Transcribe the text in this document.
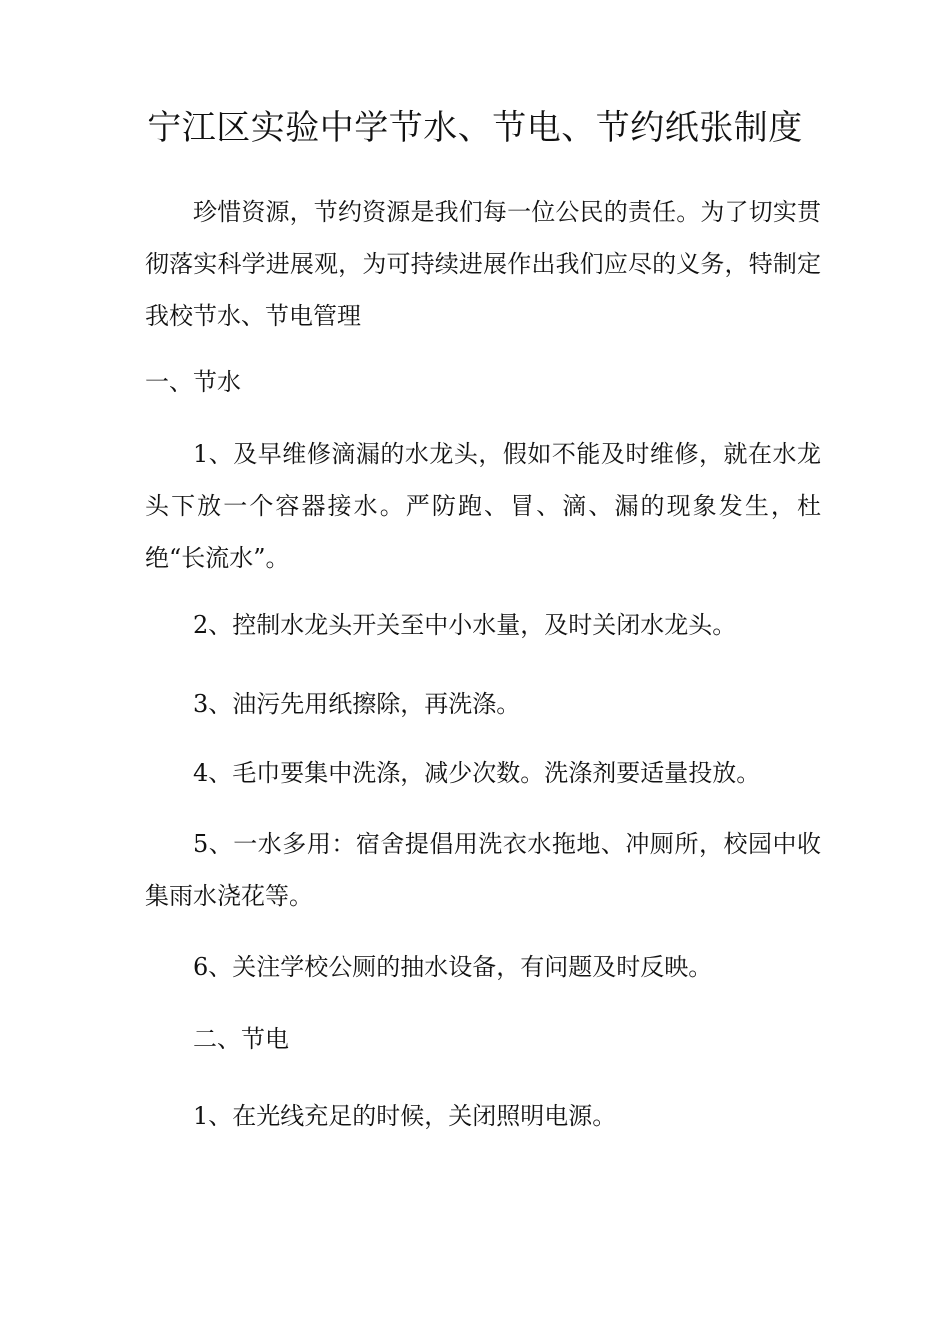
宁江区实验中学节水、节电、节约纸张制度

珍惜资源，节约资源是我们每一位公民的责任。为了切实贯彻落实科学进展观，为可持续进展作出我们应尽的义务，特制定我校节水、节电管理

一、节水

1、及早维修滴漏的水龙头，假如不能及时维修，就在水龙头下放一个容器接水。严防跑、冒、滴、漏的现象发生，杜绝“长流水”。

2、控制水龙头开关至中小水量，及时关闭水龙头。

3、油污先用纸擦除，再洗涤。

4、毛巾要集中洗涤，减少次数。洗涤剂要适量投放。

5、一水多用：宿舍提倡用洗衣水拖地、冲厕所，校园中收集雨水浇花等。

6、关注学校公厕的抽水设备，有问题及时反映。

二、节电

1、在光线充足的时候，关闭照明电源。
